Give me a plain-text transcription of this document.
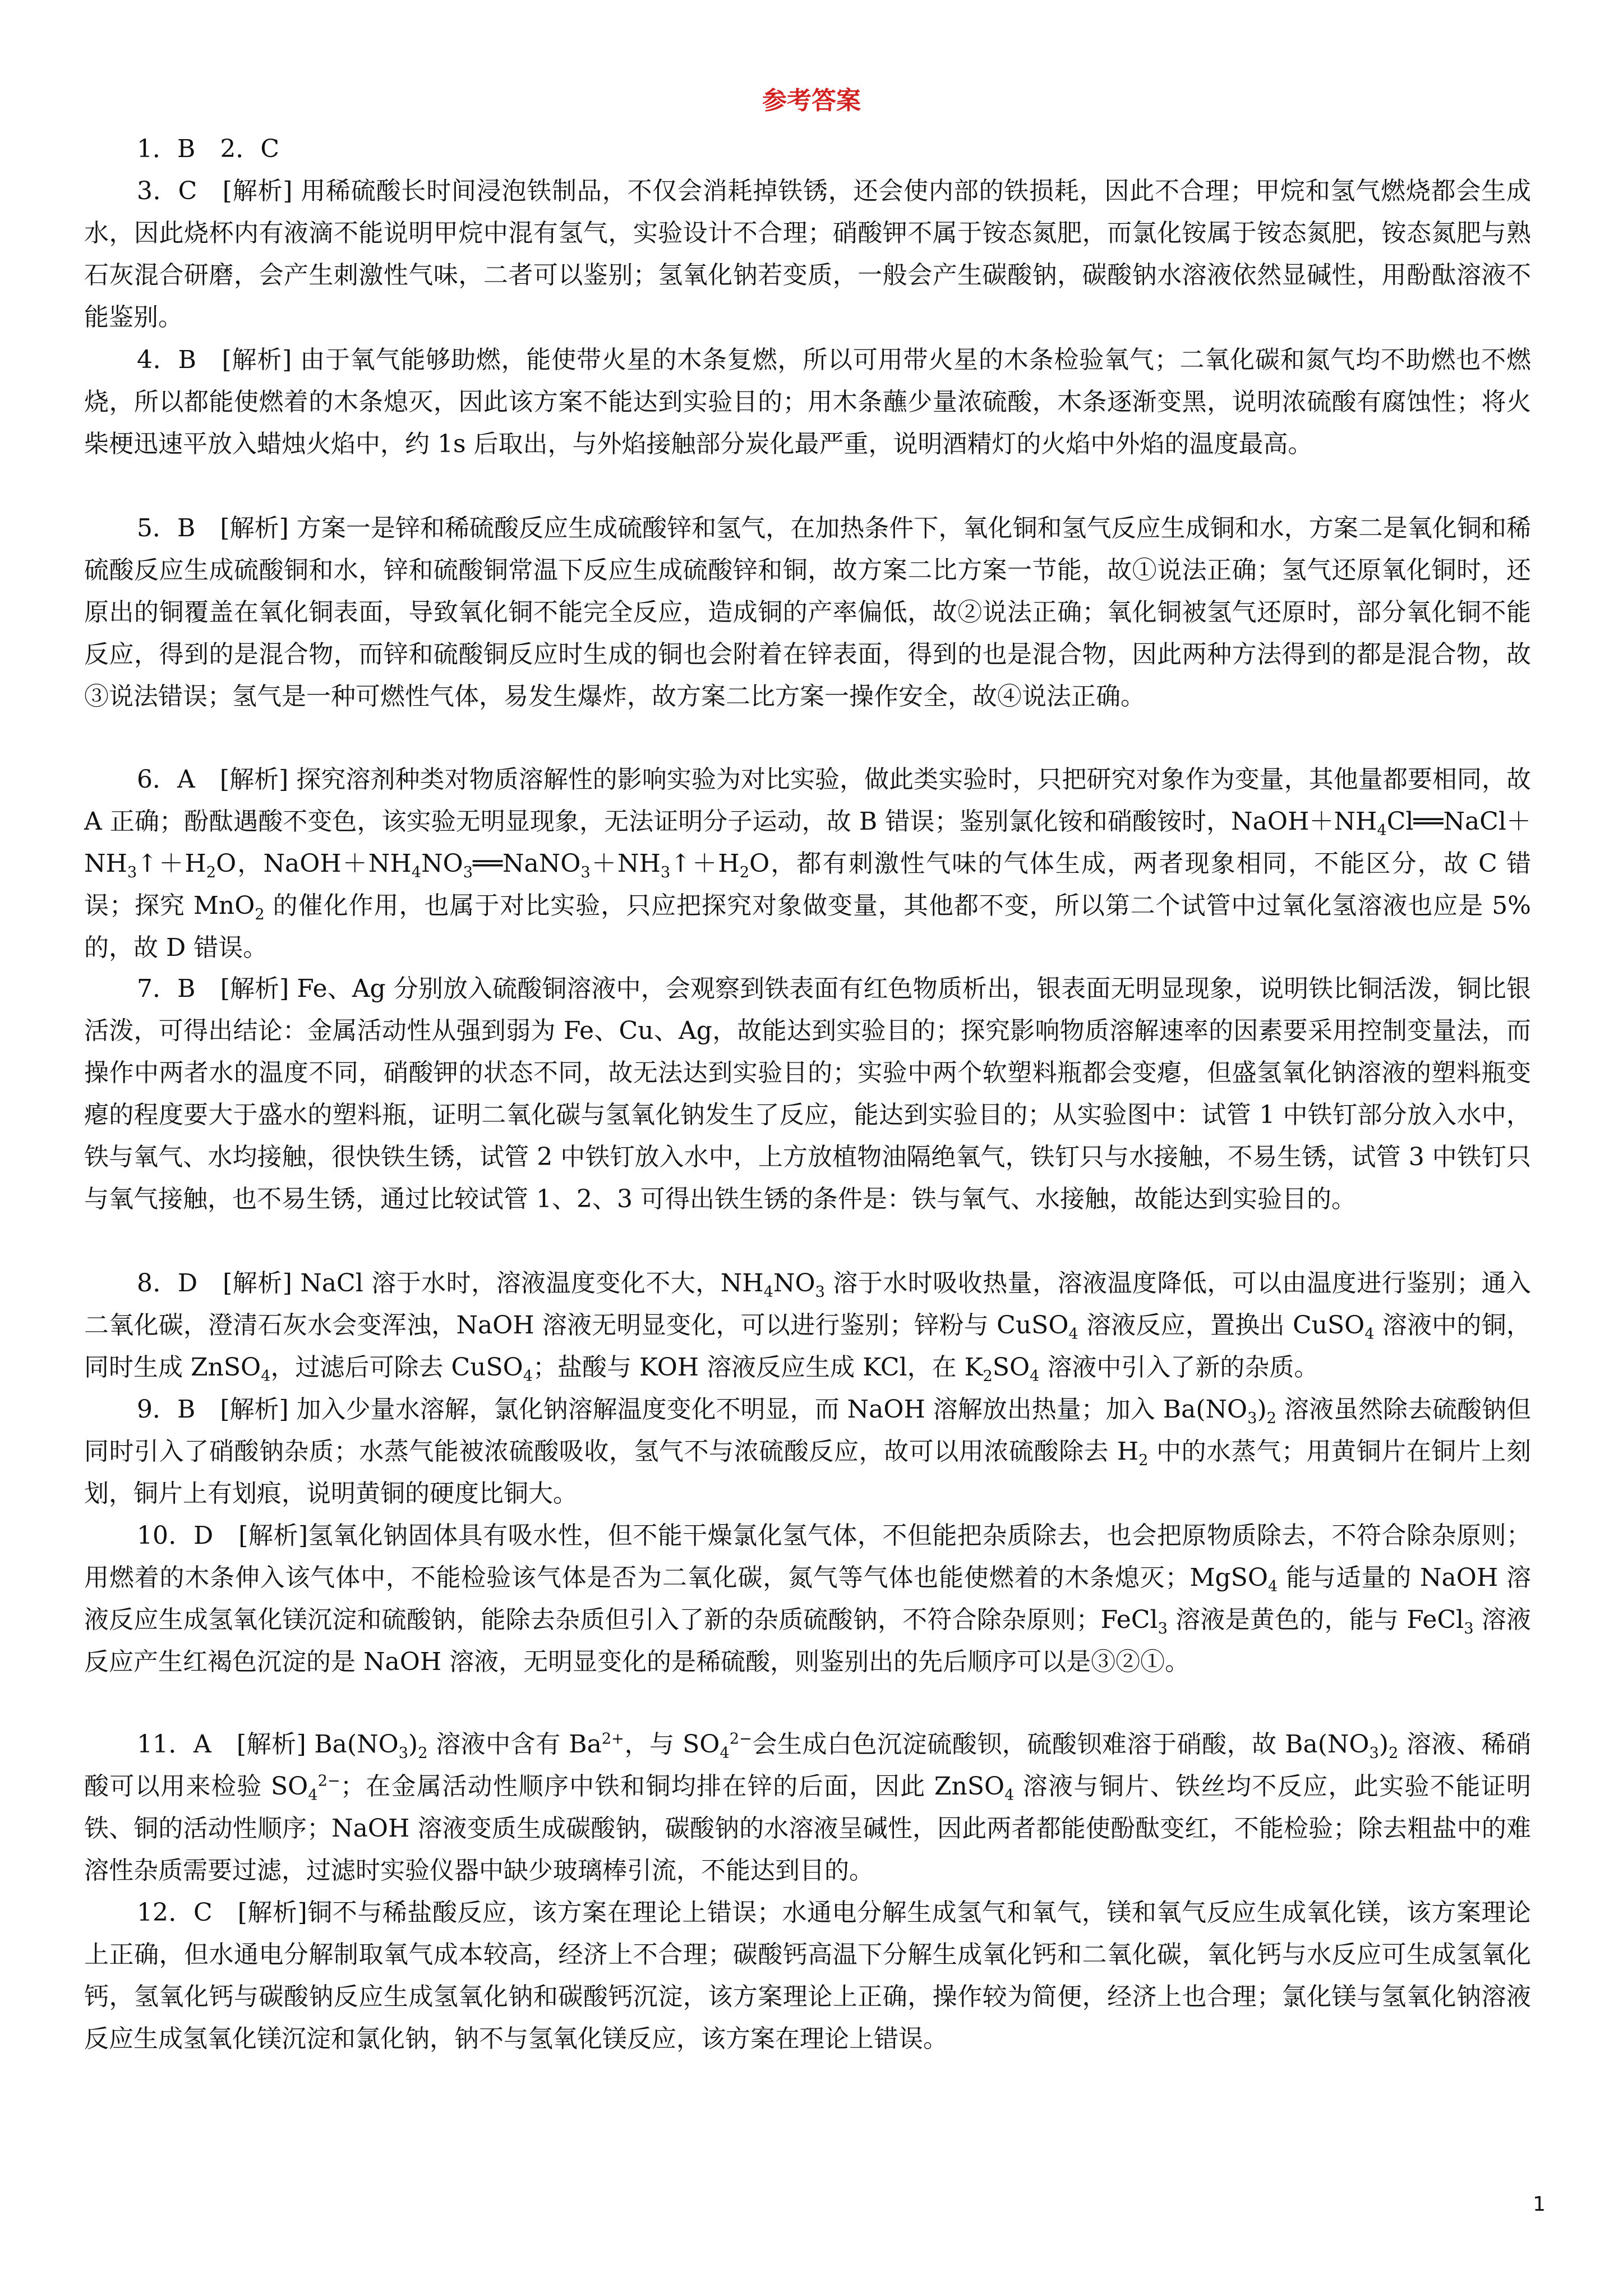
参考答案
1．B　2．C
3．C　[解析] 用稀硫酸长时间浸泡铁制品，不仅会消耗掉铁锈，还会使内部的铁损耗，因此不合理；甲烷和氢气燃烧都会生成水，因此烧杯内有液滴不能说明甲烷中混有氢气，实验设计不合理；硝酸钾不属于铵态氮肥，而氯化铵属于铵态氮肥，铵态氮肥与熟石灰混合研磨，会产生刺激性气味，二者可以鉴别；氢氧化钠若变质，一般会产生碳酸钠，碳酸钠水溶液依然显碱性，用酚酞溶液不能鉴别。
4．B　[解析] 由于氧气能够助燃，能使带火星的木条复燃，所以可用带火星的木条检验氧气；二氧化碳和氮气均不助燃也不燃烧，所以都能使燃着的木条熄灭，因此该方案不能达到实验目的；用木条蘸少量浓硫酸，木条逐渐变黑，说明浓硫酸有腐蚀性；将火柴梗迅速平放入蜡烛火焰中，约 1s 后取出，与外焰接触部分炭化最严重，说明酒精灯的火焰中外焰的温度最高。
5．B　[解析] 方案一是锌和稀硫酸反应生成硫酸锌和氢气，在加热条件下，氧化铜和氢气反应生成铜和水，方案二是氧化铜和稀硫酸反应生成硫酸铜和水，锌和硫酸铜常温下反应生成硫酸锌和铜，故方案二比方案一节能，故①说法正确；氢气还原氧化铜时，还原出的铜覆盖在氧化铜表面，导致氧化铜不能完全反应，造成铜的产率偏低，故②说法正确；氧化铜被氢气还原时，部分氧化铜不能反应，得到的是混合物，而锌和硫酸铜反应时生成的铜也会附着在锌表面，得到的也是混合物，因此两种方法得到的都是混合物，故③说法错误；氢气是一种可燃性气体，易发生爆炸，故方案二比方案一操作安全，故④说法正确。
6．A　[解析] 探究溶剂种类对物质溶解性的影响实验为对比实验，做此类实验时，只把研究对象作为变量，其他量都要相同，故 A 正确；酚酞遇酸不变色，该实验无明显现象，无法证明分子运动，故 B 错误；鉴别氯化铵和硝酸铵时，$NaOH+NH_4Cl══NaCl+NH_3↑+H_2O$，$NaOH+NH_4NO_3══NaNO_3+NH_3↑+H_2O$，都有刺激性气味的气体生成，两者现象相同，不能区分，故 C 错误；探究 MnO$_2$ 的催化作用，也属于对比实验，只应把探究对象做变量，其他都不变，所以第二个试管中过氧化氢溶液也应是 5%的，故 D 错误。
7．B　[解析] Fe、Ag 分别放入硫酸铜溶液中，会观察到铁表面有红色物质析出，银表面无明显现象，说明铁比铜活泼，铜比银活泼，可得出结论：金属活动性从强到弱为 Fe、Cu、Ag，故能达到实验目的；探究影响物质溶解速率的因素要采用控制变量法，而操作中两者水的温度不同，硝酸钾的状态不同，故无法达到实验目的；实验中两个软塑料瓶都会变瘪，但盛氢氧化钠溶液的塑料瓶变瘪的程度要大于盛水的塑料瓶，证明二氧化碳与氢氧化钠发生了反应，能达到实验目的；从实验图中：试管 1 中铁钉部分放入水中，铁与氧气、水均接触，很快铁生锈，试管 2 中铁钉放入水中，上方放植物油隔绝氧气，铁钉只与水接触，不易生锈，试管 3 中铁钉只与氧气接触，也不易生锈，通过比较试管 1、2、3 可得出铁生锈的条件是：铁与氧气、水接触，故能达到实验目的。
8．D　[解析] NaCl 溶于水时，溶液温度变化不大，$NH_4NO_3$ 溶于水时吸收热量，溶液温度降低，可以由温度进行鉴别；通入二氧化碳，澄清石灰水会变浑浊，NaOH 溶液无明显变化，可以进行鉴别；锌粉与 CuSO$_4$ 溶液反应，置换出 CuSO$_4$ 溶液中的铜，同时生成 ZnSO$_4$，过滤后可除去 CuSO$_4$；盐酸与 KOH 溶液反应生成 KCl，在 $K_2SO_4$ 溶液中引入了新的杂质。
9．B　[解析] 加入少量水溶解，氯化钠溶解温度变化不明显，而 NaOH 溶解放出热量；加入 $Ba(NO_3)_2$ 溶液虽然除去硫酸钠但同时引入了硝酸钠杂质；水蒸气能被浓硫酸吸收，氢气不与浓硫酸反应，故可以用浓硫酸除去 $H_2$ 中的水蒸气；用黄铜片在铜片上刻划，铜片上有划痕，说明黄铜的硬度比铜大。
10．D　[解析]氢氧化钠固体具有吸水性，但不能干燥氯化氢气体，不但能把杂质除去，也会把原物质除去，不符合除杂原则；用燃着的木条伸入该气体中，不能检验该气体是否为二氧化碳，氮气等气体也能使燃着的木条熄灭；MgSO$_4$ 能与适量的 NaOH 溶液反应生成氢氧化镁沉淀和硫酸钠，能除去杂质但引入了新的杂质硫酸钠，不符合除杂原则；FeCl$_3$ 溶液是黄色的，能与 FeCl$_3$ 溶液反应产生红褐色沉淀的是 NaOH 溶液，无明显变化的是稀硫酸，则鉴别出的先后顺序可以是③②①。
11．A　[解析] $Ba(NO_3)_2$ 溶液中含有 $Ba^{2+}$，与 $SO_4^{2-}$会生成白色沉淀硫酸钡，硫酸钡难溶于硝酸，故 $Ba(NO_3)_2$ 溶液、稀硝酸可以用来检验 $SO_4^{2-}$；在金属活动性顺序中铁和铜均排在锌的后面，因此 ZnSO$_4$ 溶液与铜片、铁丝均不反应，此实验不能证明铁、铜的活动性顺序；NaOH 溶液变质生成碳酸钠，碳酸钠的水溶液呈碱性，因此两者都能使酚酞变红，不能检验；除去粗盐中的难溶性杂质需要过滤，过滤时实验仪器中缺少玻璃棒引流，不能达到目的。
12．C　[解析]铜不与稀盐酸反应，该方案在理论上错误；水通电分解生成氢气和氧气，镁和氧气反应生成氧化镁，该方案理论上正确，但水通电分解制取氧气成本较高，经济上不合理；碳酸钙高温下分解生成氧化钙和二氧化碳，氧化钙与水反应可生成氢氧化钙，氢氧化钙与碳酸钠反应生成氢氧化钠和碳酸钙沉淀，该方案理论上正确，操作较为简便，经济上也合理；氯化镁与氢氧化钠溶液反应生成氢氧化镁沉淀和氯化钠，钠不与氢氧化镁反应，该方案在理论上错误。
1
